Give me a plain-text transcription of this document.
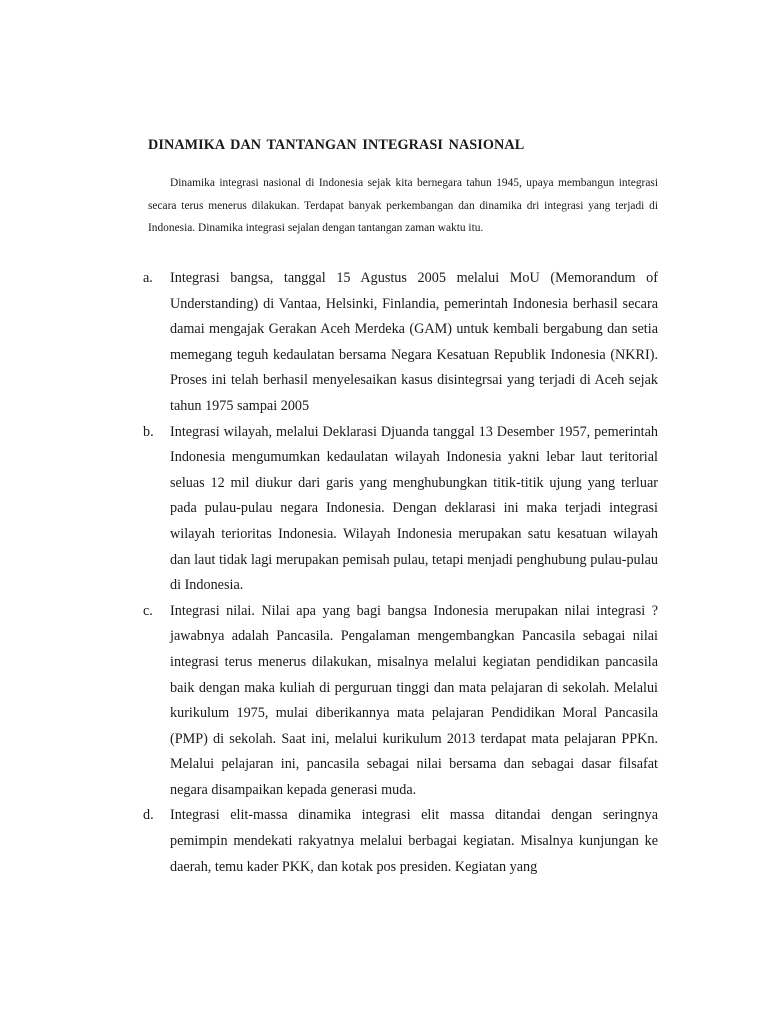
DINAMIKA DAN TANTANGAN INTEGRASI NASIONAL

Dinamika integrasi nasional di Indonesia sejak kita bernegara tahun 1945, upaya membangun integrasi secara terus menerus dilakukan. Terdapat banyak perkembangan dan dinamika dri integrasi yang terjadi di Indonesia. Dinamika integrasi sejalan dengan tantangan zaman waktu itu.

a.	Integrasi bangsa, tanggal 15 Agustus 2005 melalui MoU (Memorandum of Understanding) di Vantaa, Helsinki, Finlandia, pemerintah Indonesia berhasil secara damai mengajak Gerakan Aceh Merdeka (GAM) untuk kembali bergabung dan setia memegang teguh kedaulatan bersama Negara Kesatuan Republik Indonesia (NKRI). Proses ini telah berhasil menyelesaikan kasus disintegrsai yang terjadi di Aceh sejak tahun 1975 sampai 2005
b.	Integrasi wilayah, melalui Deklarasi Djuanda tanggal 13 Desember 1957, pemerintah Indonesia mengumumkan kedaulatan wilayah Indonesia yakni lebar laut teritorial seluas 12 mil diukur dari garis yang menghubungkan titik-titik ujung yang terluar pada pulau-pulau negara Indonesia. Dengan deklarasi ini maka terjadi integrasi wilayah terioritas Indonesia. Wilayah Indonesia merupakan satu kesatuan wilayah dan laut tidak lagi merupakan pemisah pulau, tetapi menjadi penghubung pulau-pulau di Indonesia.
c.	Integrasi nilai. Nilai apa yang bagi bangsa Indonesia merupakan nilai integrasi ? jawabnya adalah Pancasila. Pengalaman mengembangkan Pancasila sebagai nilai integrasi terus menerus dilakukan, misalnya melalui kegiatan pendidikan pancasila baik dengan maka kuliah di perguruan tinggi dan mata pelajaran di sekolah. Melalui kurikulum 1975, mulai diberikannya mata pelajaran Pendidikan Moral Pancasila (PMP) di sekolah. Saat ini, melalui kurikulum 2013 terdapat mata pelajaran PPKn. Melalui pelajaran ini, pancasila sebagai nilai bersama dan sebagai dasar filsafat negara disampaikan kepada generasi muda.
d.	Integrasi elit-massa dinamika integrasi elit massa ditandai dengan seringnya pemimpin mendekati rakyatnya melalui berbagai kegiatan. Misalnya kunjungan ke daerah, temu kader PKK, dan kotak pos presiden. Kegiatan yang
